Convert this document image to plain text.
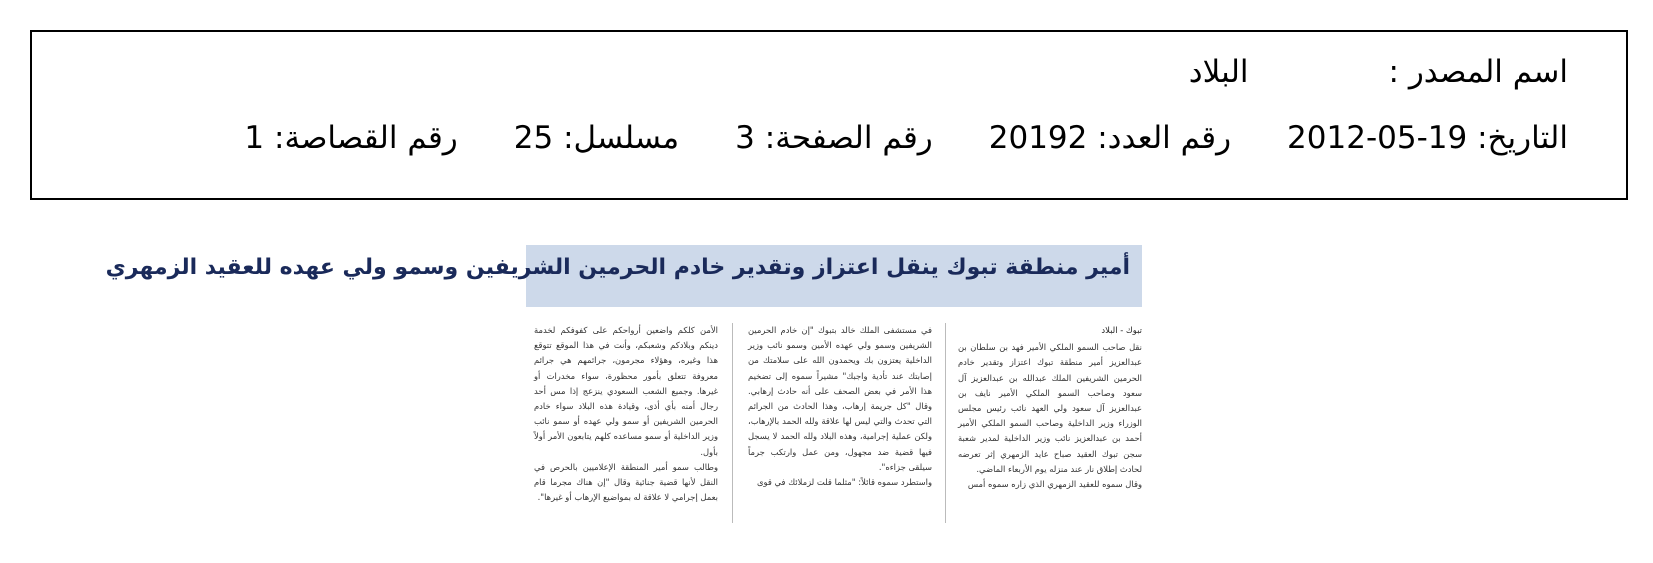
اسم المصدر :
البلاد
التاريخ:

2012-05-19
رقم العدد:

20192
رقم الصفحة:

3
مسلسل:

25
رقم القصاصة:

1
أمير منطقة تبوك ينقل اعتزاز وتقدير خادم الحرمين الشريفين وسمو ولي عهده للعقيد الزمهري
تبوك - البلاد
نقل صاحب السمو الملكي الأمير فهد بن سلطان بن عبدالعزيز أمير منطقة تبوك اعتزاز وتقدير خادم الحرمين الشريفين الملك عبدالله بن عبدالعزيز آل سعود وصاحب السمو الملكي الأمير نايف بن عبدالعزيز آل سعود ولي العهد نائب رئيس مجلس الوزراء وزير الداخلية وصاحب السمو الملكي الأمير أحمد بن عبدالعزيز نائب وزير الداخلية لمدير شعبة سجن تبوك العقيد صباح عايد الزمهري إثر تعرضه لحادث إطلاق نار عند منزله يوم الأربعاء الماضي.
وقال سموه للعقيد الزمهري الذي زاره سموه أمس
في مستشفى الملك خالد بتبوك "إن خادم الحرمين الشريفين وسمو ولي عهده الأمين وسمو نائب وزير الداخلية يعتزون بك ويحمدون الله على سلامتك من إصابتك عند تأدية واجبك" مشيراً سموه إلى تضخيم هذا الأمر في بعض الصحف على أنه حادث إرهابي. وقال "كل جريمة إرهاب، وهذا الحادث من الجرائم التي تحدث والتي ليس لها علاقة ولله الحمد بالإرهاب، ولكن عملية إجرامية، وهذه البلاد ولله الحمد لا يسجل فيها قضية ضد مجهول، ومن عمل وارتكب جرماً سيلقى جزاءه".
واستطرد سموه قائلاً: "مثلما قلت لزملائك في قوى
الأمن كلكم واضعين أرواحكم على كفوفكم لخدمة دينكم وبلادكم وشعبكم، وأنت في هذا الموقع تتوقع هذا وغيره، وهؤلاء مجرمون، جرائمهم هي جرائم معروفة تتعلق بأمور محظورة، سواء مخدرات أو غيرها. وجميع الشعب السعودي ينزعج إذا مس أحد رجال أمنه بأي أذى، وقيادة هذه البلاد سواء خادم الحرمين الشريفين أو سمو ولي عهده أو سمو نائب وزير الداخلية أو سمو مساعده كلهم يتابعون الأمر أولاً بأول.
وطالب سمو أمير المنطقة الإعلاميين بالحرص في النقل لأنها قضية جنائية وقال "إن هناك مجرما قام بعمل إجرامي لا علاقة له بمواضيع الإرهاب أو غيرها".
